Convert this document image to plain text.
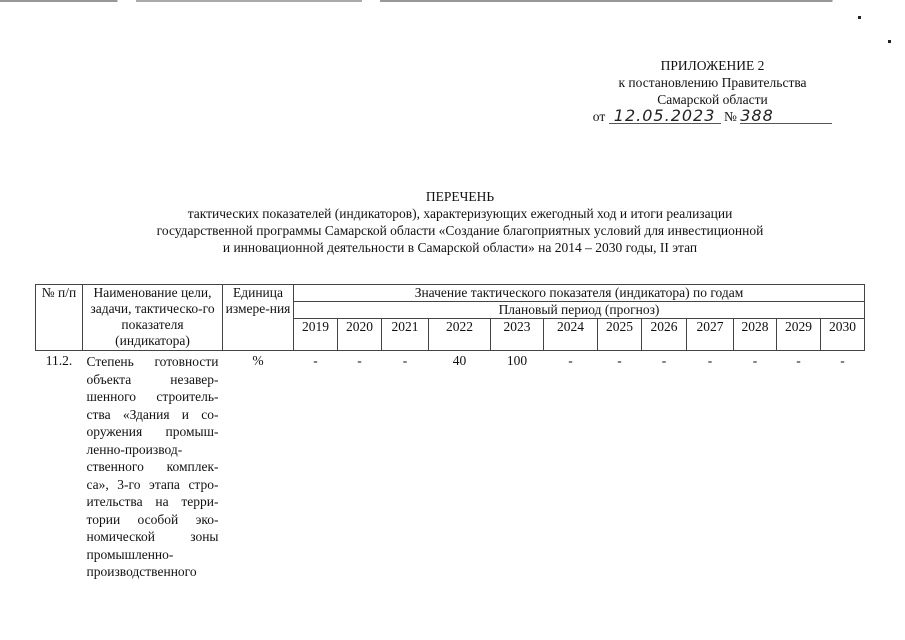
ПРИЛОЖЕНИЕ 2
к постановлению Правительства
Самарской области
от 12.05.2023 № 388
ПЕРЕЧЕНЬ
тактических показателей (индикаторов), характеризующих ежегодный ход и итоги реализации
государственной программы Самарской области «Создание благоприятных условий для инвестиционной
и инновационной деятельности в Самарской области» на 2014 – 2030 годы, II этап
№ п/п	Наименование цели, задачи, тактическо-го показателя (индикатора)	Единица измере-ния	Значение тактического показателя (индикатора) по годам											
			Плановый период (прогноз)											
			2019	2020	2021	2022	2023	2024	2025	2026	2027	2028	2029	2030
11.2.	Степень готовности объекта незавер-шенного строитель-ства «Здания и со-оружения промыш-ленно-производ-ственного комплек-са», 3-го этапа стро-ительства на терри-тории особой эко-номической зоны промышленно-производственного	%	-	-	-	40	100	-	-	-	-	-	-	-
